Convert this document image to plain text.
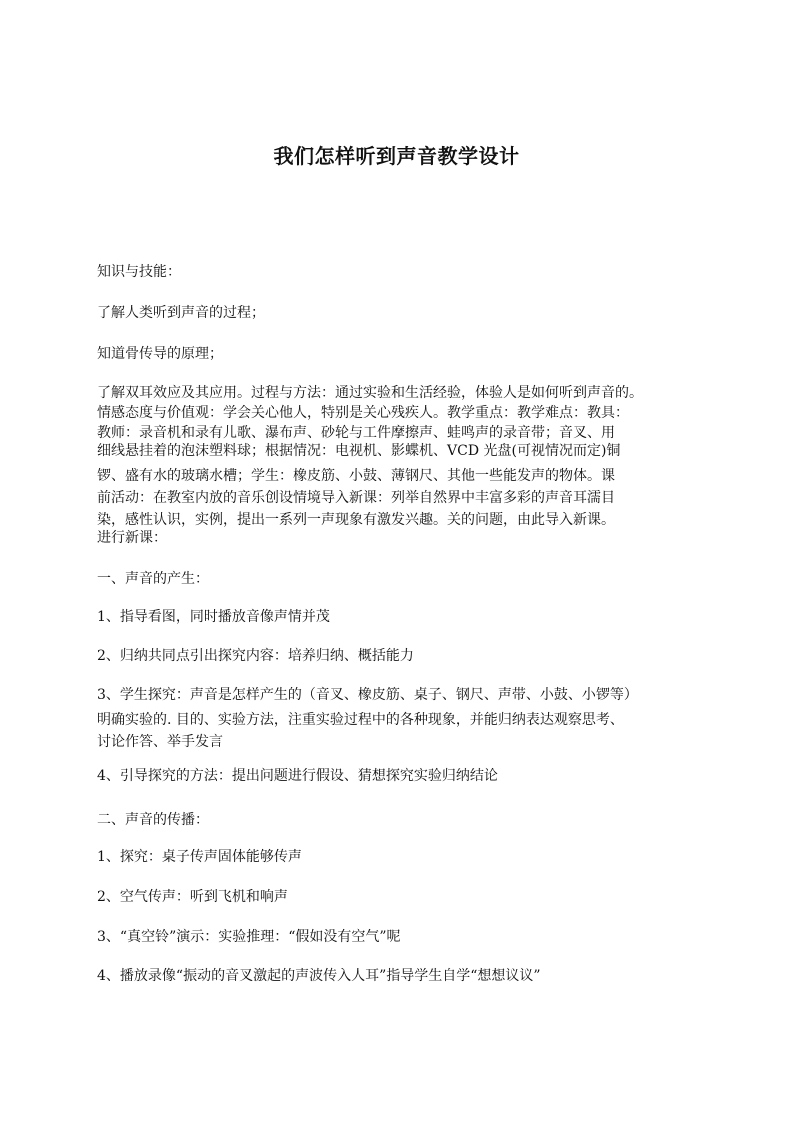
我们怎样听到声音教学设计

知识与技能：

了解人类听到声音的过程；

知道骨传导的原理；

了解双耳效应及其应用。过程与方法：通过实验和生活经验，体验人是如何听到声音的。

情感态度与价值观：学会关心他人，特别是关心残疾人。教学重点：教学难点：教具：

教师：录音机和录有儿歌、瀑布声、砂轮与工件摩擦声、蛙鸣声的录音带；音叉、用

细线悬挂着的泡沫塑料球；根据情况：电视机、影蝶机、VCD 光盘(可视情况而定)铜

锣、盛有水的玻璃水槽；学生：橡皮筋、小鼓、薄钢尺、其他一些能发声的物体。课

前活动：在教室内放的音乐创设情境导入新课：列举自然界中丰富多彩的声音耳濡目

染，感性认识，实例，提出一系列一声现象有激发兴趣。关的问题，由此导入新课。

进行新课：

一、声音的产生：

1、指导看图，同时播放音像声情并茂

2、归纳共同点引出探究内容：培养归纳、概括能力

3、学生探究：声音是怎样产生的（音叉、橡皮筋、桌子、钢尺、声带、小鼓、小锣等）

明确实验的. 目的、实验方法，注重实验过程中的各种现象，并能归纳表达观察思考、

讨论作答、举手发言

4、引导探究的方法：提出问题进行假设、猜想探究实验归纳结论

二、声音的传播：

1、探究：桌子传声固体能够传声

2、空气传声：听到飞机和响声

3、“真空铃”演示：实验推理：“假如没有空气”呢

4、播放录像“振动的音叉激起的声波传入人耳”指导学生自学“想想议议”
